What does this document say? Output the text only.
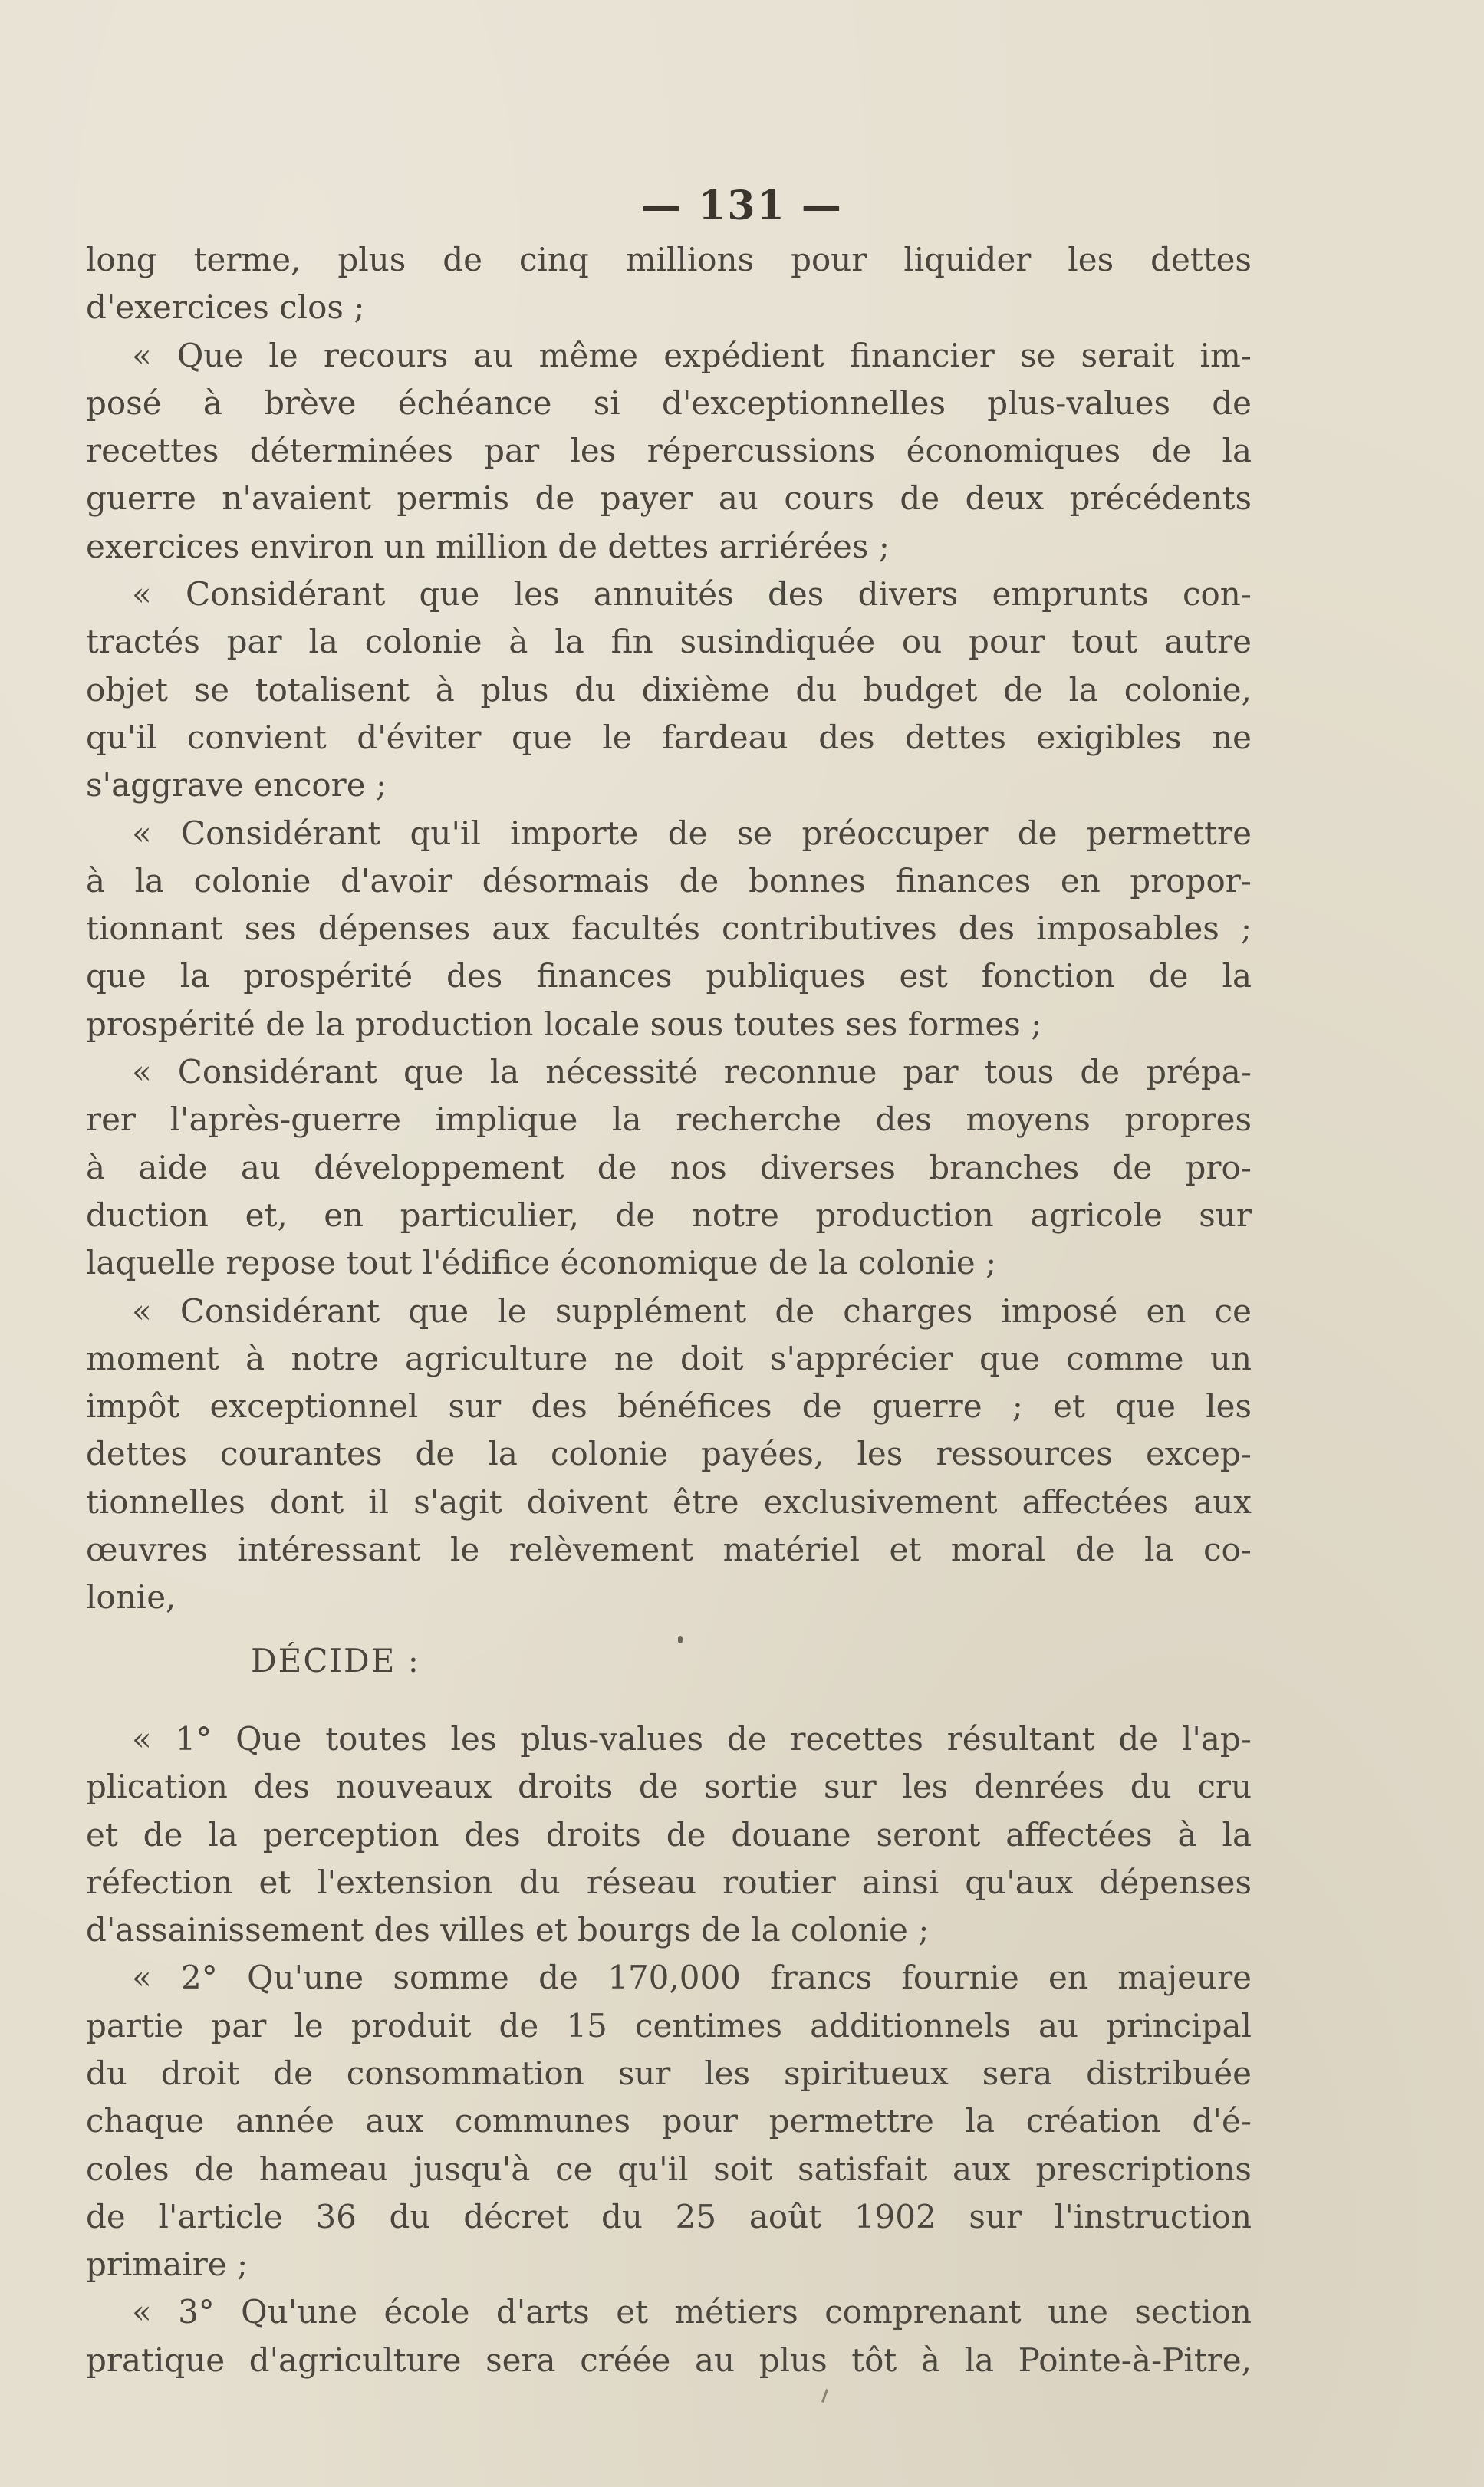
— 131 —
long terme, plus de cinq millions pour liquider les dettes
d'exercices clos ;
« Que le recours au même expédient financier se serait im-
posé à brève échéance si d'exceptionnelles plus-values de
recettes déterminées par les répercussions économiques de la
guerre n'avaient permis de payer au cours de deux précédents
exercices environ un million de dettes arriérées ;
« Considérant que les annuités des divers emprunts con-
tractés par la colonie à la fin susindiquée ou pour tout autre
objet se totalisent à plus du dixième du budget de la colonie,
qu'il convient d'éviter que le fardeau des dettes exigibles ne
s'aggrave encore ;
« Considérant qu'il importe de se préoccuper de permettre
à la colonie d'avoir désormais de bonnes finances en propor-
tionnant ses dépenses aux facultés contributives des imposables ;
que la prospérité des finances publiques est fonction de la
prospérité de la production locale sous toutes ses formes ;
« Considérant que la nécessité reconnue par tous de prépa-
rer l'après-guerre implique la recherche des moyens propres
à aide au développement de nos diverses branches de pro-
duction et, en particulier, de notre production agricole sur
laquelle repose tout l'édifice économique de la colonie ;
« Considérant que le supplément de charges imposé en ce
moment à notre agriculture ne doit s'apprécier que comme un
impôt exceptionnel sur des bénéfices de guerre ; et que les
dettes courantes de la colonie payées, les ressources excep-
tionnelles dont il s'agit doivent être exclusivement affectées aux
œuvres intéressant le relèvement matériel et moral de la co-
lonie,
DÉCIDE :
« 1° Que toutes les plus-values de recettes résultant de l'ap-
plication des nouveaux droits de sortie sur les denrées du cru
et de la perception des droits de douane seront affectées à la
réfection et l'extension du réseau routier ainsi qu'aux dépenses
d'assainissement des villes et bourgs de la colonie ;
« 2° Qu'une somme de 170,000 francs fournie en majeure
partie par le produit de 15 centimes additionnels au principal
du droit de consommation sur les spiritueux sera distribuée
chaque année aux communes pour permettre la création d'é-
coles de hameau jusqu'à ce qu'il soit satisfait aux prescriptions
de l'article 36 du décret du 25 août 1902 sur l'instruction
primaire ;
« 3° Qu'une école d'arts et métiers comprenant une section
pratique d'agriculture sera créée au plus tôt à la Pointe-à-Pitre,
